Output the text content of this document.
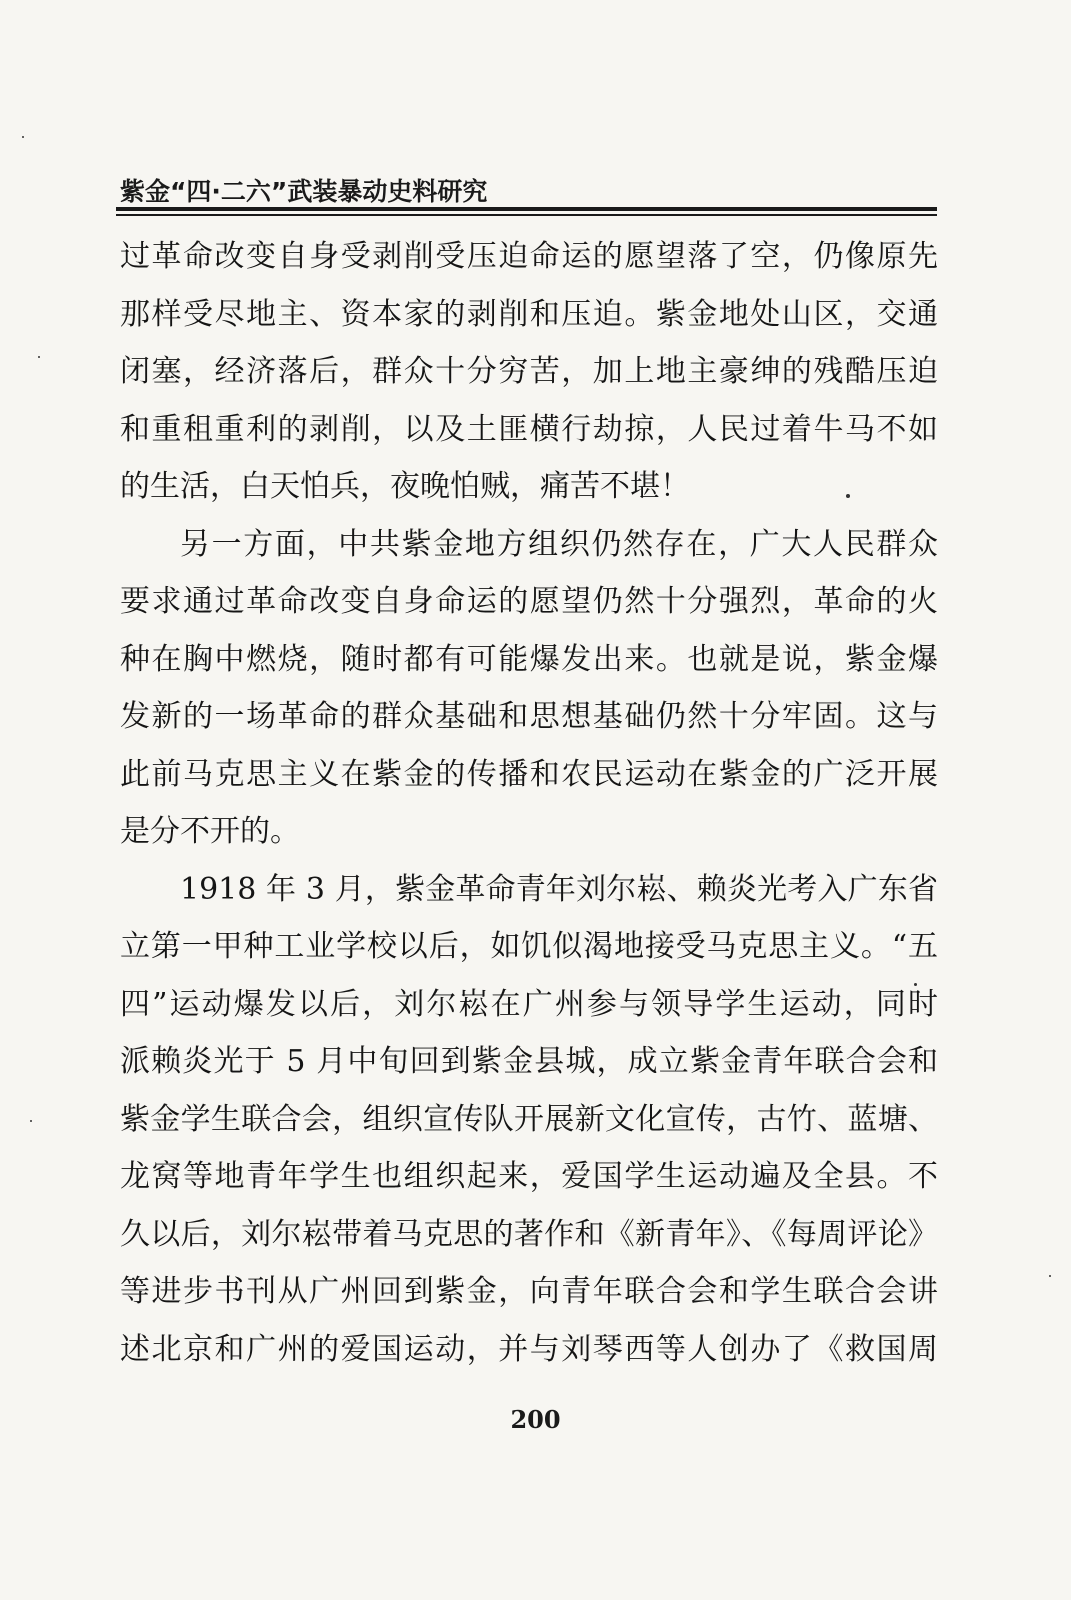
紫金“四·二六”武装暴动史料研究
过革命改变自身受剥削受压迫命运的愿望落了空，仍像原先
那样受尽地主、资本家的剥削和压迫。紫金地处山区，交通
闭塞，经济落后，群众十分穷苦，加上地主豪绅的残酷压迫
和重租重利的剥削，以及土匪横行劫掠，人民过着牛马不如
的生活，白天怕兵，夜晚怕贼，痛苦不堪！
另一方面，中共紫金地方组织仍然存在，广大人民群众
要求通过革命改变自身命运的愿望仍然十分强烈，革命的火
种在胸中燃烧，随时都有可能爆发出来。也就是说，紫金爆
发新的一场革命的群众基础和思想基础仍然十分牢固。这与
此前马克思主义在紫金的传播和农民运动在紫金的广泛开展
是分不开的。
1918 年 3 月，紫金革命青年刘尔崧、赖炎光考入广东省
立第一甲种工业学校以后，如饥似渴地接受马克思主义。“五
四”运动爆发以后，刘尔崧在广州参与领导学生运动，同时
派赖炎光于 5 月中旬回到紫金县城，成立紫金青年联合会和
紫金学生联合会，组织宣传队开展新文化宣传，古竹、蓝塘、
龙窝等地青年学生也组织起来，爱国学生运动遍及全县。不
久以后，刘尔崧带着马克思的著作和《新青年》、《每周评论》
等进步书刊从广州回到紫金，向青年联合会和学生联合会讲
述北京和广州的爱国运动，并与刘琴西等人创办了《救国周
200
